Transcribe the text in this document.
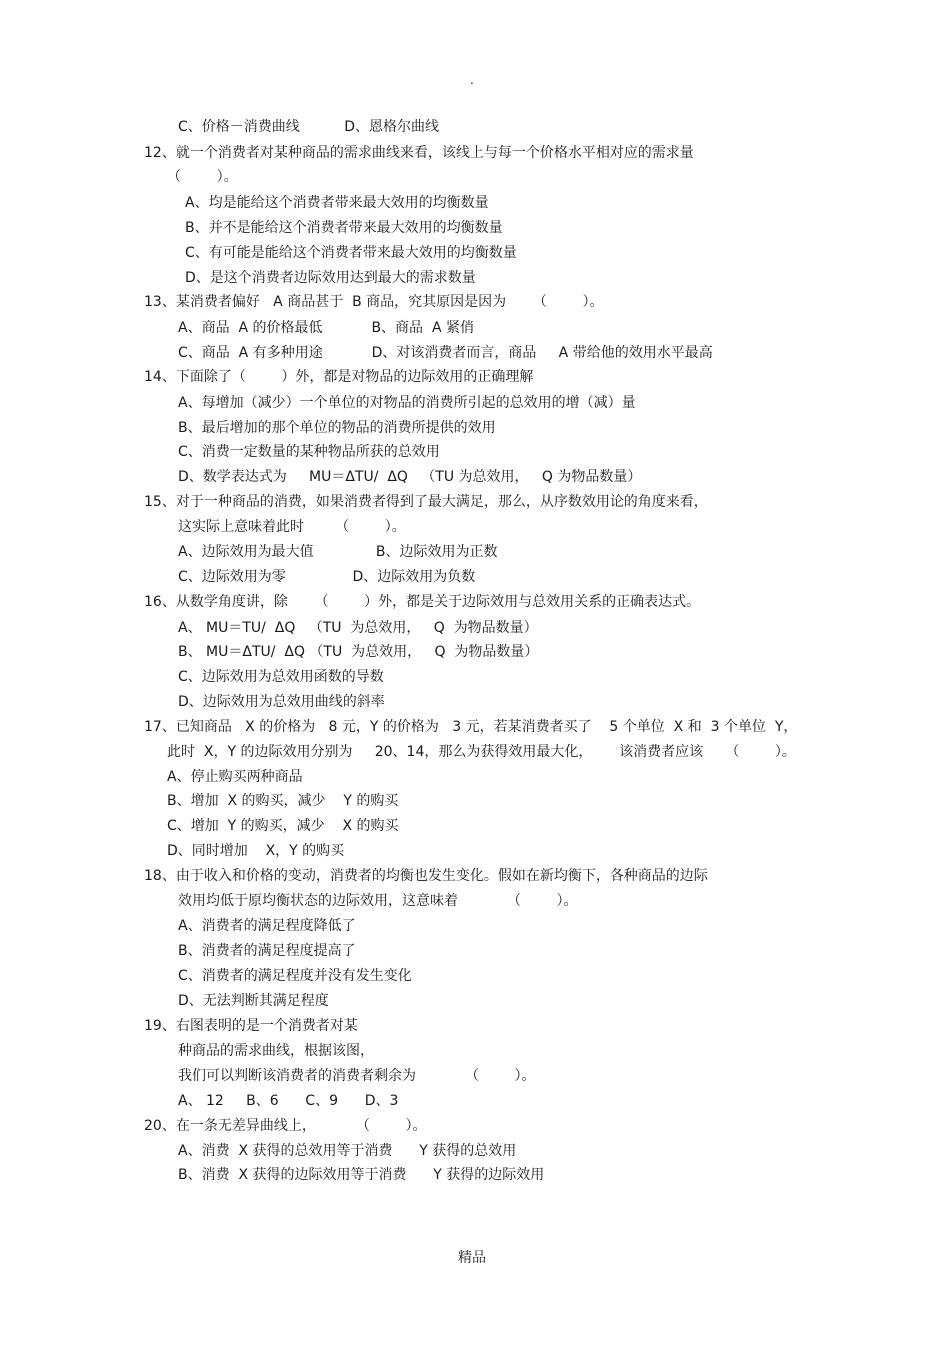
.
C、价格－消费曲线          D、恩格尔曲线
12、就一个消费者对某种商品的需求曲线来看，该线上与每一个价格水平相对应的需求量
（        ）。
A、均是能给这个消费者带来最大效用的均衡数量
B、并不是能给这个消费者带来最大效用的均衡数量
C、有可能是能给这个消费者带来最大效用的均衡数量
D、是这个消费者边际效用达到最大的需求数量
13、某消费者偏好   A 商品甚于  B 商品，究其原因是因为      （        ）。
A、商品  A 的价格最低           B、商品  A 紧俏
C、商品  A 有多种用途           D、对该消费者而言，商品     A 带给他的效用水平最高
14、下面除了（        ）外，都是对物品的边际效用的正确理解
A、每增加（减少）一个单位的对物品的消费所引起的总效用的增（减）量
B、最后增加的那个单位的物品的消费所提供的效用
C、消费一定数量的某种物品所获的总效用
D、数学表达式为     MU＝ΔTU/  ΔQ   （TU 为总效用，   Q 为物品数量）
15、对于一种商品的消费，如果消费者得到了最大满足，那么，从序数效用论的角度来看，
这实际上意味着此时       （        ）。
A、边际效用为最大值              B、边际效用为正数
C、边际效用为零               D、边际效用为负数
16、从数学角度讲，除      （        ）外，都是关于边际效用与总效用关系的正确表达式。
A、 MU＝TU/  ΔQ   （TU  为总效用，   Q  为物品数量）
B、 MU＝ΔTU/  ΔQ （TU  为总效用，   Q  为物品数量）
C、边际效用为总效用函数的导数
D、边际效用为总效用曲线的斜率
17、已知商品   X 的价格为   8 元，Y 的价格为   3 元，若某消费者买了    5 个单位  X 和  3 个单位  Y，
此时  X，Y 的边际效用分别为     20、14，那么为获得效用最大化，      该消费者应该     （        ）。
A、停止购买两种商品
B、增加  X 的购买，减少    Y 的购买
C、增加  Y 的购买，减少    X 的购买
D、同时增加    X，Y 的购买
18、由于收入和价格的变动，消费者的均衡也发生变化。假如在新均衡下，各种商品的边际
效用均低于原均衡状态的边际效用，这意味着           （        ）。
A、消费者的满足程度降低了
B、消费者的满足程度提高了
C、消费者的满足程度并没有发生变化
D、无法判断其满足程度
19、右图表明的是一个消费者对某
种商品的需求曲线，根据该图，
我们可以判断该消费者的消费者剩余为           （        ）。
A、 12     B、6      C、9      D、3
20、在一条无差异曲线上，         （        ）。
A、消费  X 获得的总效用等于消费      Y 获得的总效用
B、消费  X 获得的边际效用等于消费      Y 获得的边际效用
精品
